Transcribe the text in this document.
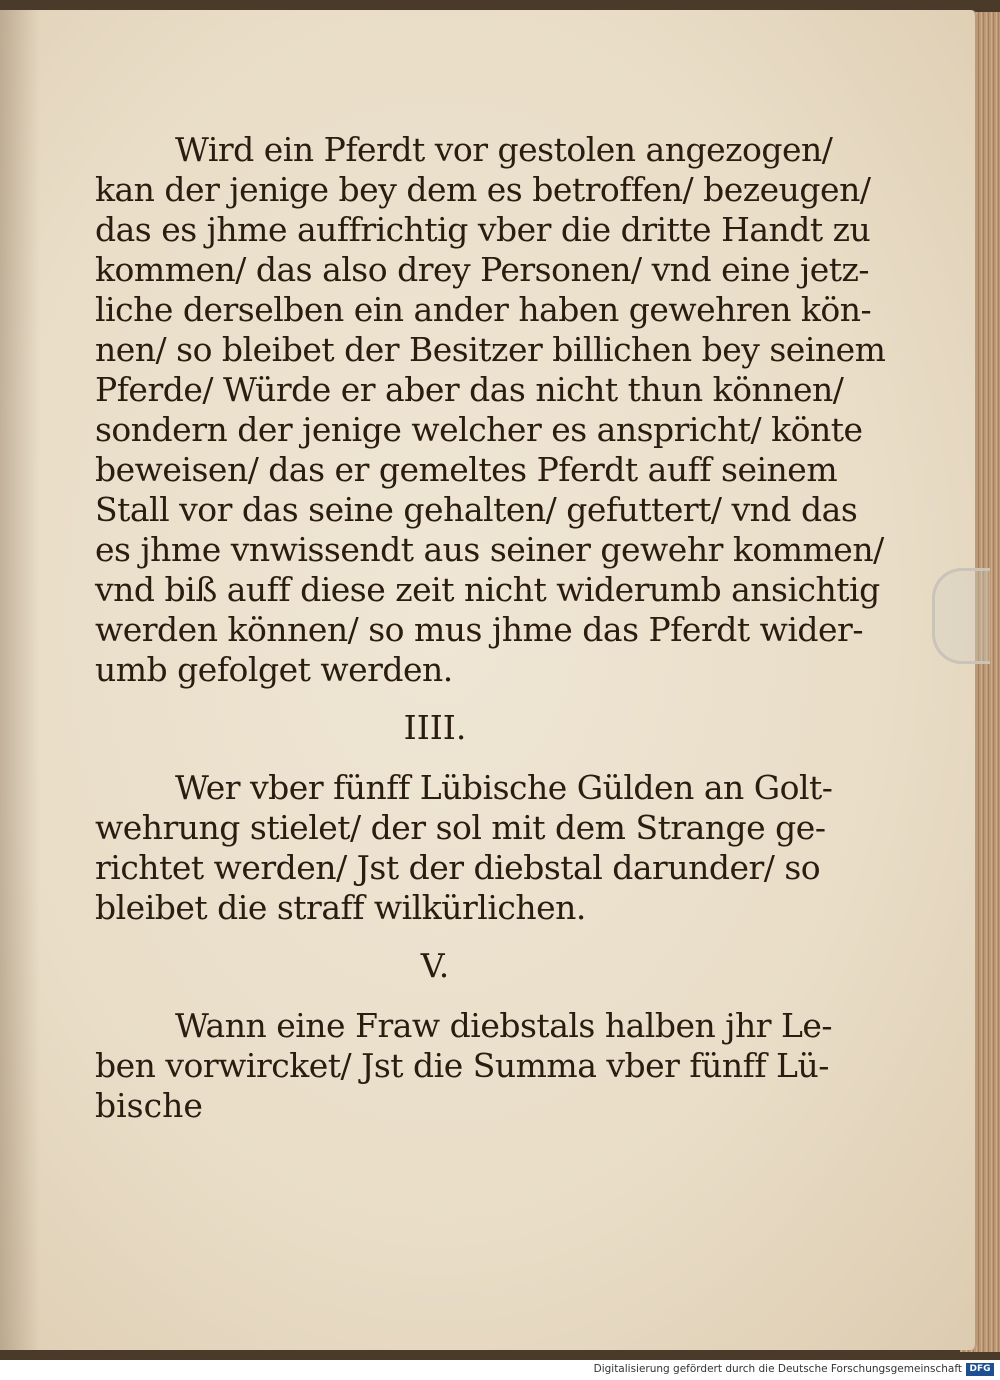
Wird ein Pferdt vor gestolen angezogen/
kan der jenige bey dem es betroffen/ bezeugen/
das es jhme auffrichtig vber die dritte Handt zu
kommen/ das also drey Personen/ vnd eine jetz-
liche derselben ein ander haben gewehren kön-
nen/ so bleibet der Besitzer billichen bey seinem
Pferde/ Würde er aber das nicht thun können/
sondern der jenige welcher es anspricht/ könte
beweisen/ das er gemeltes Pferdt auff seinem
Stall vor das seine gehalten/ gefuttert/ vnd das
es jhme vnwissendt aus seiner gewehr kommen/
vnd biß auff diese zeit nicht widerumb ansichtig
werden können/ so mus jhme das Pferdt wider-
umb gefolget werden.
IIII.
Wer vber fünff Lübische Gülden an Golt-
wehrung stielet/ der sol mit dem Strange ge-
richtet werden/ Jst der diebstal darunder/ so
bleibet die straff wilkürlichen.
V.
Wann eine Fraw diebstals halben jhr Le-
ben vorwircket/ Jst die Summa vber fünff Lü-
bische
Digitalisierung gefördert durch die Deutsche Forschungsgemeinschaft DFG
